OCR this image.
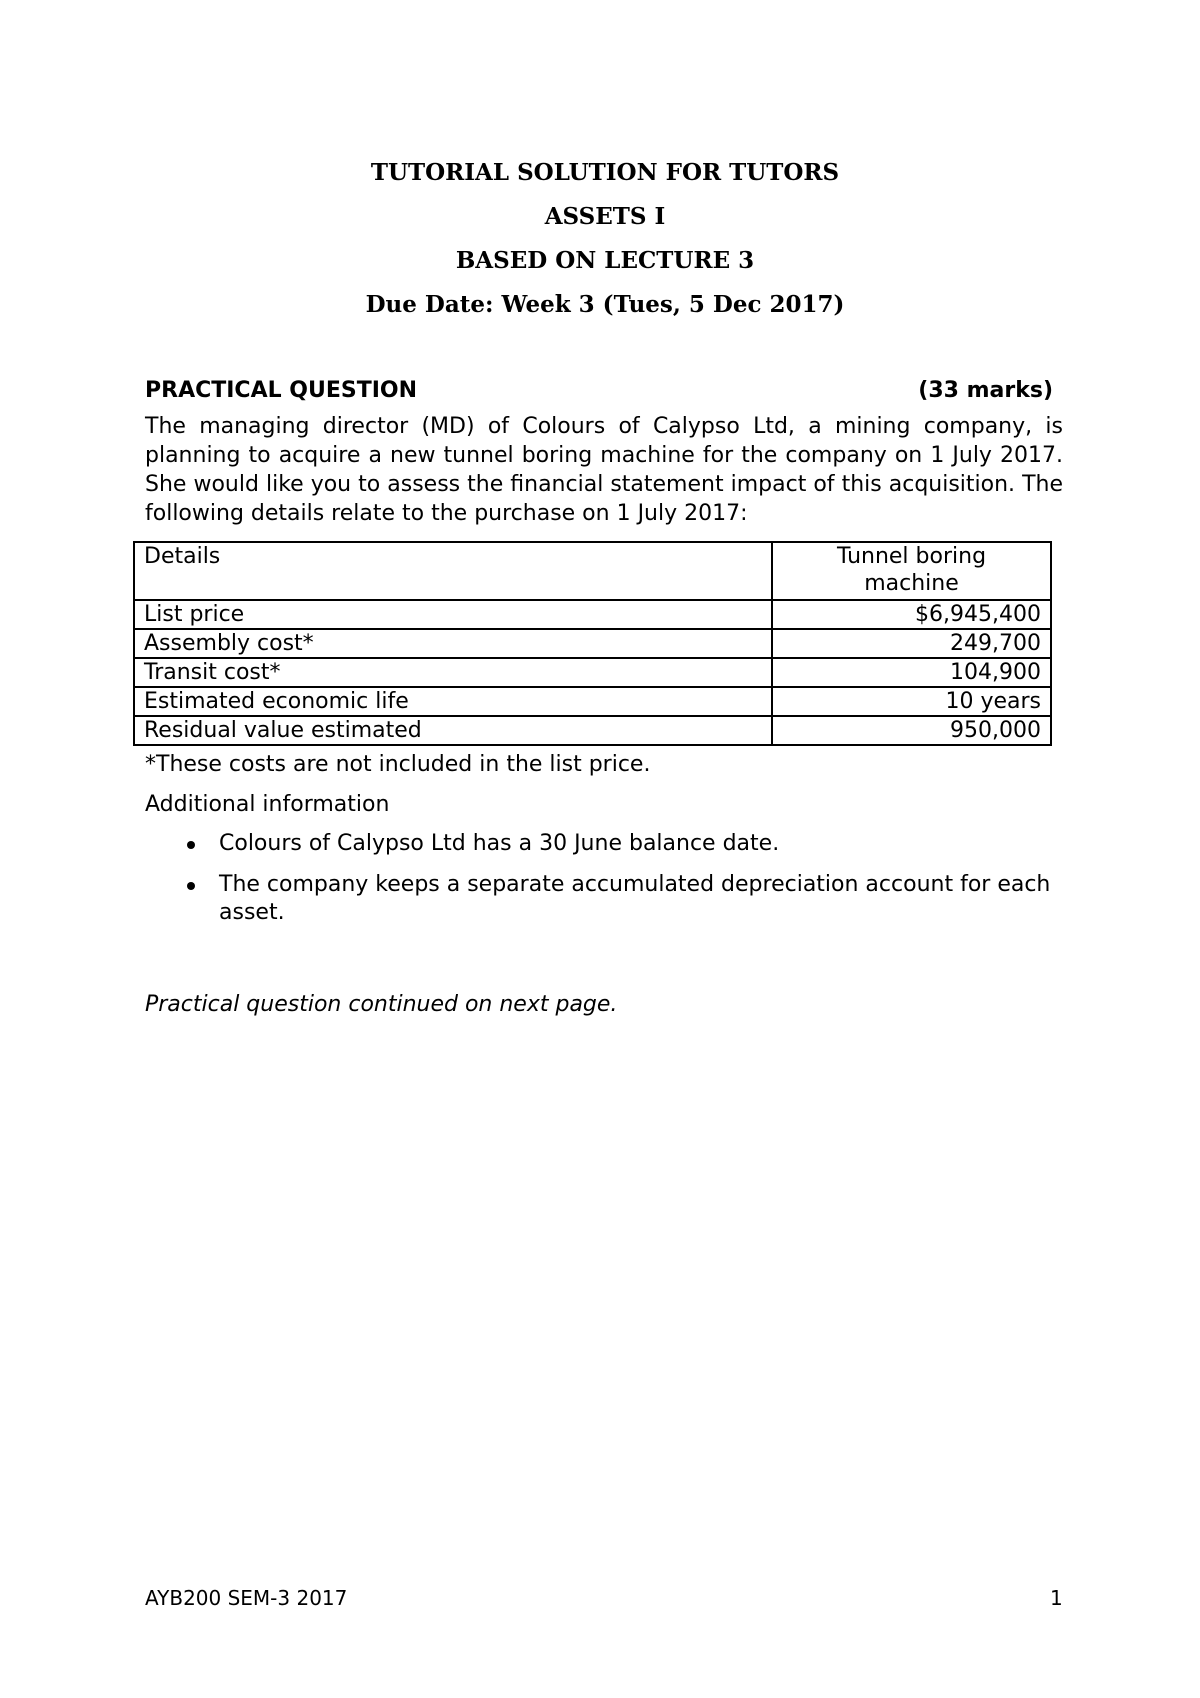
TUTORIAL SOLUTION FOR TUTORS
ASSETS I
BASED ON LECTURE 3
Due Date: Week 3 (Tues, 5 Dec 2017)
PRACTICAL QUESTION	(33 marks)
The managing director (MD) of Colours of Calypso Ltd, a mining company, is planning to acquire a new tunnel boring machine for the company on 1 July 2017. She would like you to assess the financial statement impact of this acquisition. The following details relate to the purchase on 1 July 2017:
Details	Tunnel boring
machine

List price	$6,945,400
Assembly cost*	249,700
Transit cost*	104,900
Estimated economic life	10 years
Residual value estimated	950,000
*These costs are not included in the list price.
Additional information
Colours of Calypso Ltd has a 30 June balance date.
The company keeps a separate accumulated depreciation account for each asset.
Practical question continued on next page.
AYB200 SEM-3 2017	1
